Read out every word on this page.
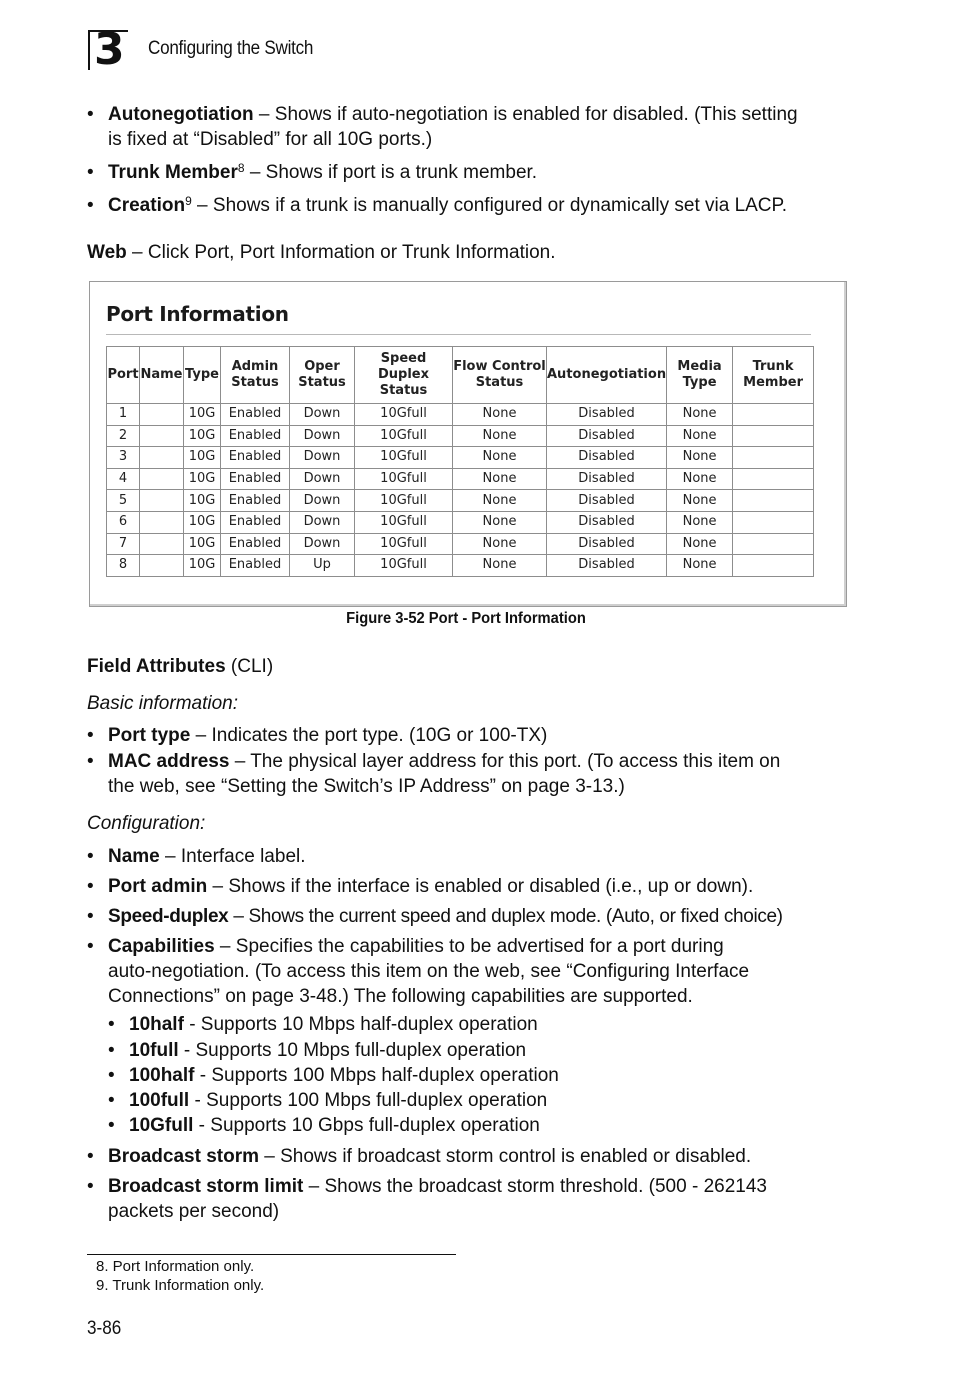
3 Configuring the Switch
• Autonegotiation – Shows if auto-negotiation is enabled for disabled. (This setting
is fixed at “Disabled” for all 10G ports.)
• Trunk Member$^8$ – Shows if port is a trunk member.
• Creation$^9$ – Shows if a trunk is manually configured or dynamically set via LACP.
Web – Click Port, Port Information or Trunk Information.
Port Information
Port	Name	Type	Admin Status	Oper Status	Speed Duplex Status	Flow Control Status	Autonegotiation	Media Type	Trunk Member
1		10G	Enabled	Down	10Gfull	None	Disabled	None	
2		10G	Enabled	Down	10Gfull	None	Disabled	None	
3		10G	Enabled	Down	10Gfull	None	Disabled	None	
4		10G	Enabled	Down	10Gfull	None	Disabled	None	
5		10G	Enabled	Down	10Gfull	None	Disabled	None	
6		10G	Enabled	Down	10Gfull	None	Disabled	None	
7		10G	Enabled	Down	10Gfull	None	Disabled	None	
8		10G	Enabled	Up	10Gfull	None	Disabled	None	
Figure 3-52 Port - Port Information
Field Attributes (CLI)
Basic information:
• Port type – Indicates the port type. (10G or 100-TX)
• MAC address – The physical layer address for this port. (To access this item on
the web, see “Setting the Switch’s IP Address” on page 3-13.)
Configuration:
• Name – Interface label.
• Port admin – Shows if the interface is enabled or disabled (i.e., up or down).
• Speed-duplex – Shows the current speed and duplex mode. (Auto, or fixed choice)
• Capabilities – Specifies the capabilities to be advertised for a port during
auto-negotiation. (To access this item on the web, see “Configuring Interface
Connections” on page 3-48.) The following capabilities are supported.
• 10half - Supports 10 Mbps half-duplex operation
• 10full - Supports 10 Mbps full-duplex operation
• 100half - Supports 100 Mbps half-duplex operation
• 100full - Supports 100 Mbps full-duplex operation
• 10Gfull - Supports 10 Gbps full-duplex operation
• Broadcast storm – Shows if broadcast storm control is enabled or disabled.
• Broadcast storm limit – Shows the broadcast storm threshold. (500 - 262143
packets per second)
8. Port Information only.
9. Trunk Information only.
3-86
